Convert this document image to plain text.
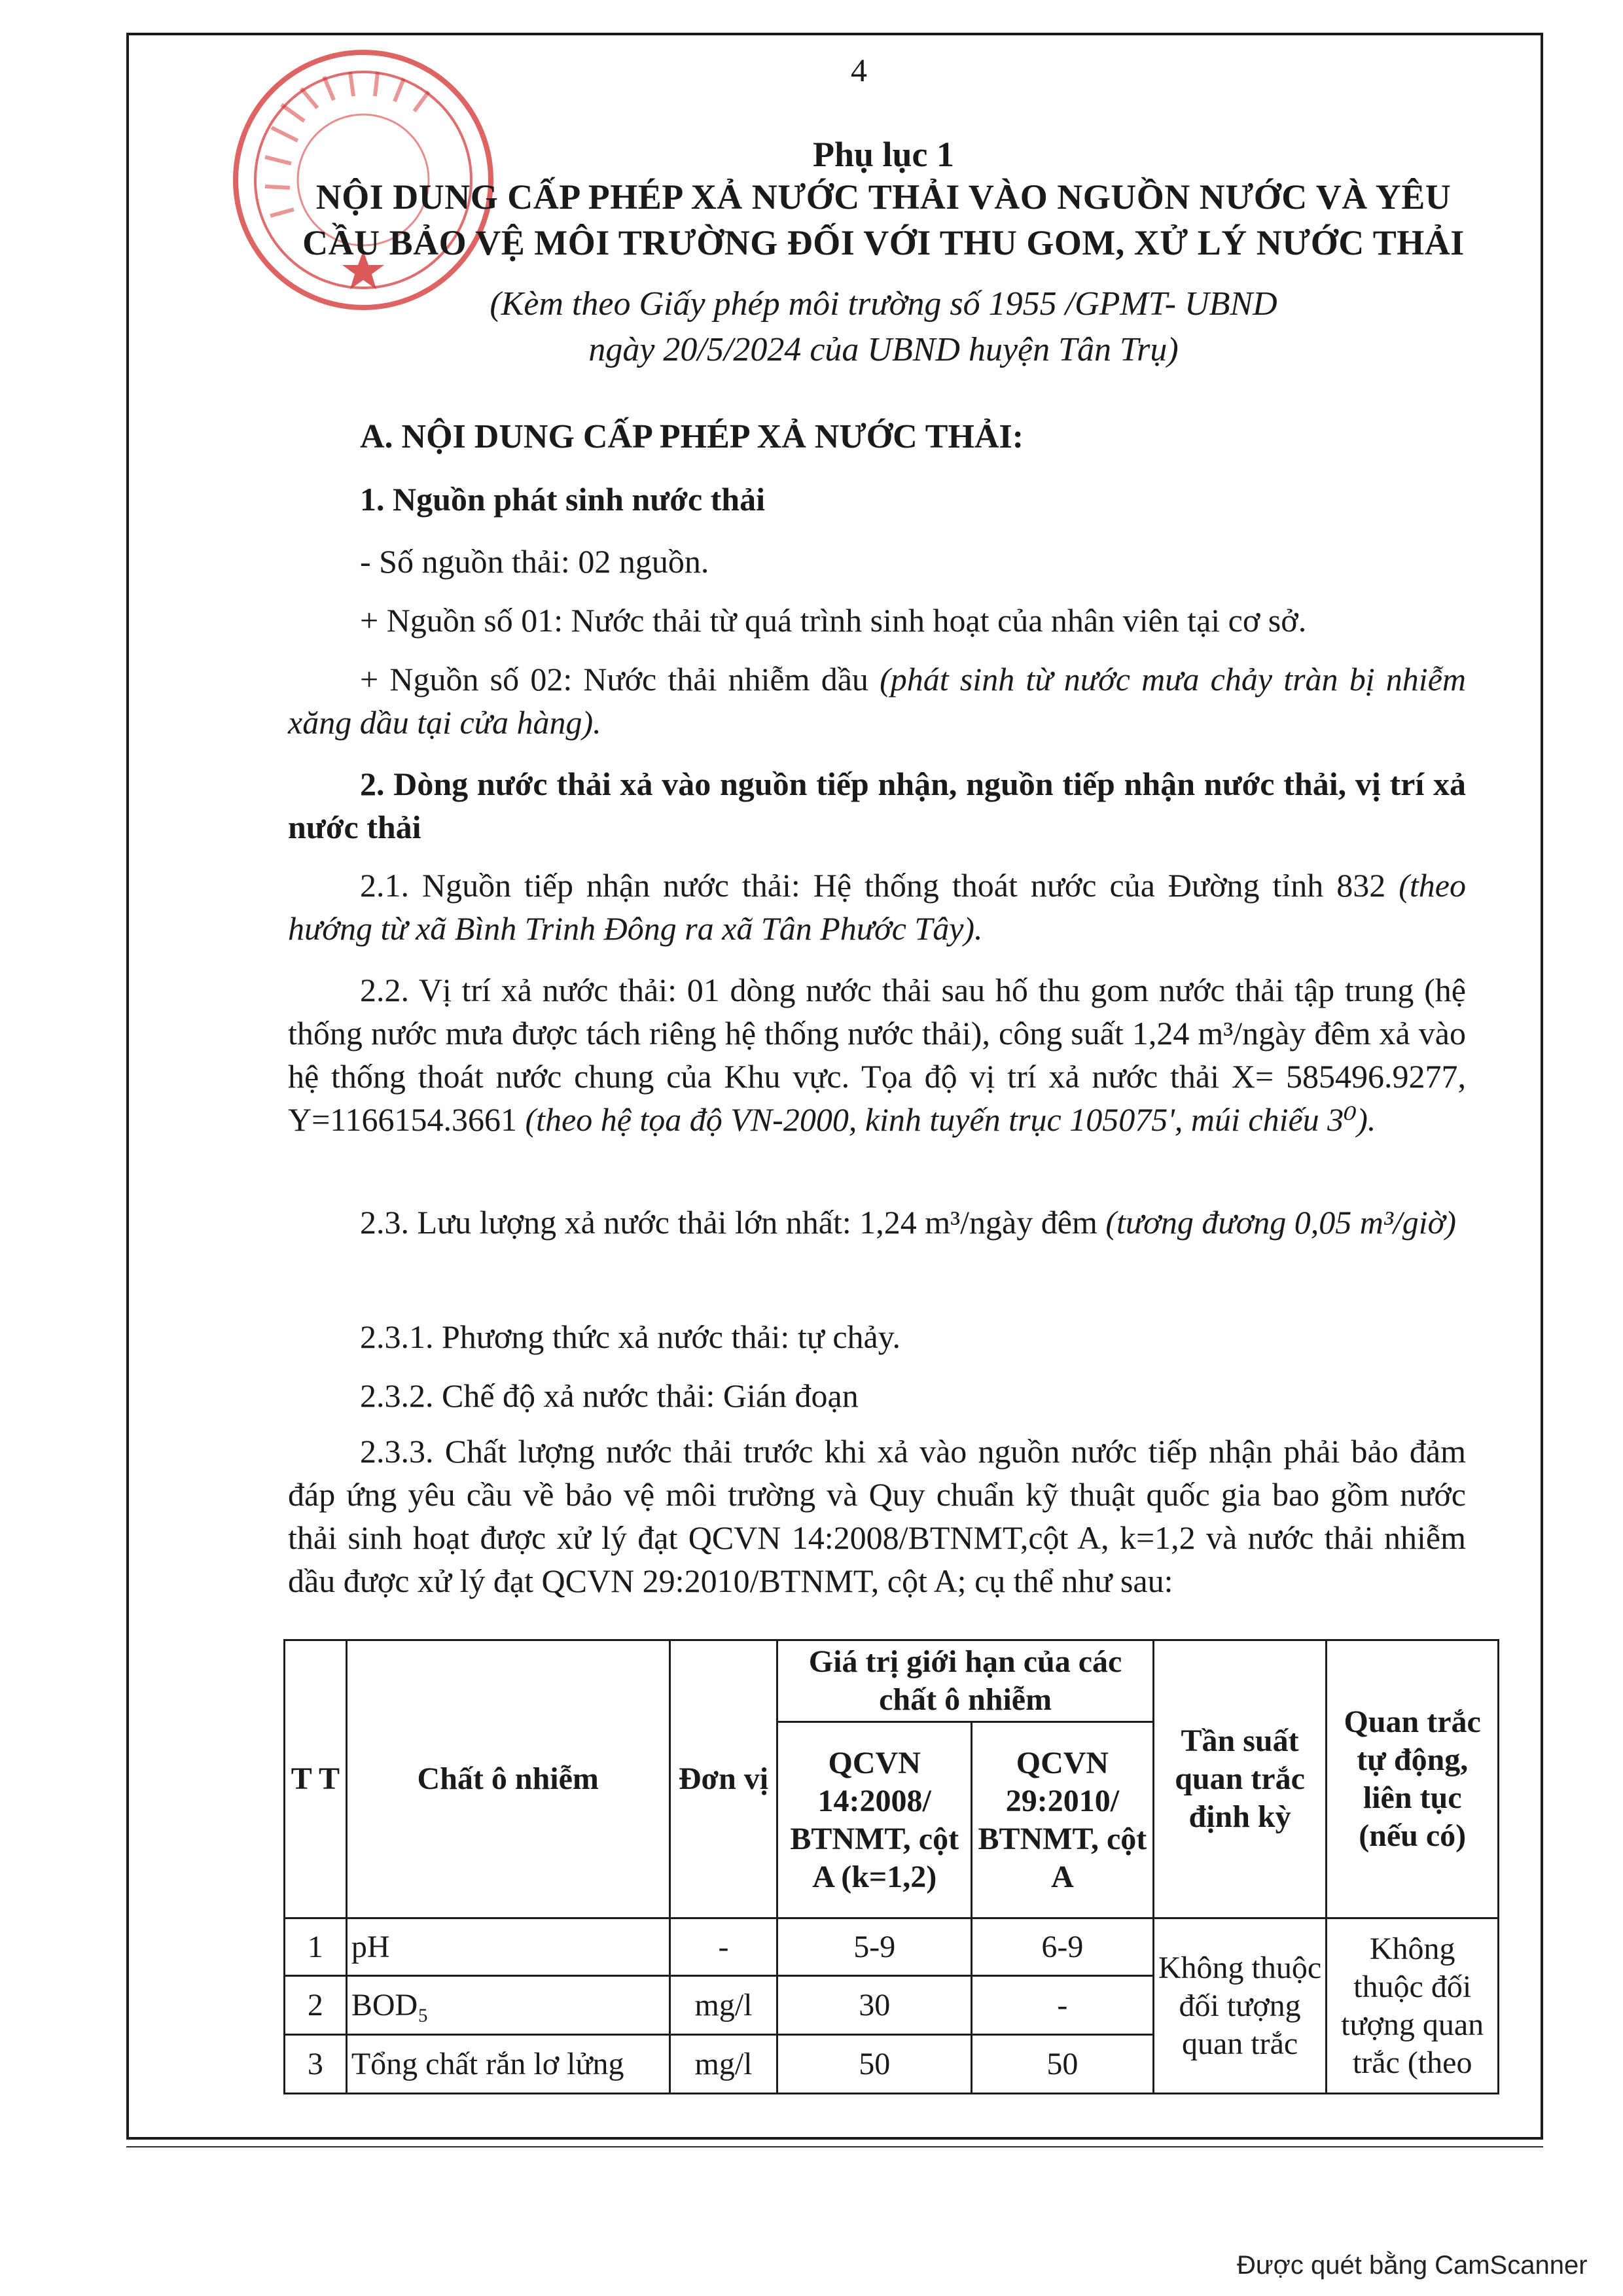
4
Phụ lục 1
NỘI DUNG CẤP PHÉP XẢ NƯỚC THẢI VÀO NGUỒN NƯỚC VÀ YÊU
CẦU BẢO VỆ MÔI TRƯỜNG ĐỐI VỚI THU GOM, XỬ LÝ NƯỚC THẢI
(Kèm theo Giấy phép môi trường số 1955 /GPMT- UBND
ngày 20/5/2024 của UBND huyện Tân Trụ)
A. NỘI DUNG CẤP PHÉP XẢ NƯỚC THẢI:
1. Nguồn phát sinh nước thải
- Số nguồn thải: 02 nguồn.
+ Nguồn số 01: Nước thải từ quá trình sinh hoạt của nhân viên tại cơ sở.
+ Nguồn số 02: Nước thải nhiễm dầu (phát sinh từ nước mưa chảy tràn bị nhiễm xăng dầu tại cửa hàng).
2. Dòng nước thải xả vào nguồn tiếp nhận, nguồn tiếp nhận nước thải, vị trí xả nước thải
2.1. Nguồn tiếp nhận nước thải: Hệ thống thoát nước của Đường tỉnh 832 (theo hướng từ xã Bình Trinh Đông ra xã Tân Phước Tây).
2.2. Vị trí xả nước thải: 01 dòng nước thải sau hố thu gom nước thải tập trung (hệ thống nước mưa được tách riêng hệ thống nước thải), công suất 1,24 m³/ngày đêm xả vào hệ thống thoát nước chung của Khu vực. Tọa độ vị trí xả nước thải X= 585496.9277, Y=1166154.3661 (theo hệ tọa độ VN-2000, kinh tuyến trục 105075', múi chiếu 3⁰).
2.3. Lưu lượng xả nước thải lớn nhất: 1,24 m³/ngày đêm (tương đương 0,05 m³/giờ)
2.3.1. Phương thức xả nước thải: tự chảy.
2.3.2. Chế độ xả nước thải: Gián đoạn
2.3.3. Chất lượng nước thải trước khi xả vào nguồn nước tiếp nhận phải bảo đảm đáp ứng yêu cầu về bảo vệ môi trường và Quy chuẩn kỹ thuật quốc gia bao gồm nước thải sinh hoạt được xử lý đạt QCVN 14:2008/BTNMT,cột A, k=1,2 và nước thải nhiễm dầu được xử lý đạt QCVN 29:2010/BTNMT, cột A; cụ thể như sau:
T T	Chất ô nhiễm	Đơn vị	Giá trị giới hạn của các chất ô nhiễm		Tần suất quan trắc định kỳ	Quan trắc tự động, liên tục (nếu có)
			QCVN 14:2008/ BTNMT, cột A (k=1,2)	QCVN 29:2010/ BTNMT, cột A		
1	pH	-	5-9	6-9	Không thuộc đối tượng quan trắc	Không thuộc đối tượng quan trắc (theo
2	BOD₅	mg/l	30	-		
3	Tổng chất rắn lơ lửng	mg/l	50	50		
Được quét bằng CamScanner
